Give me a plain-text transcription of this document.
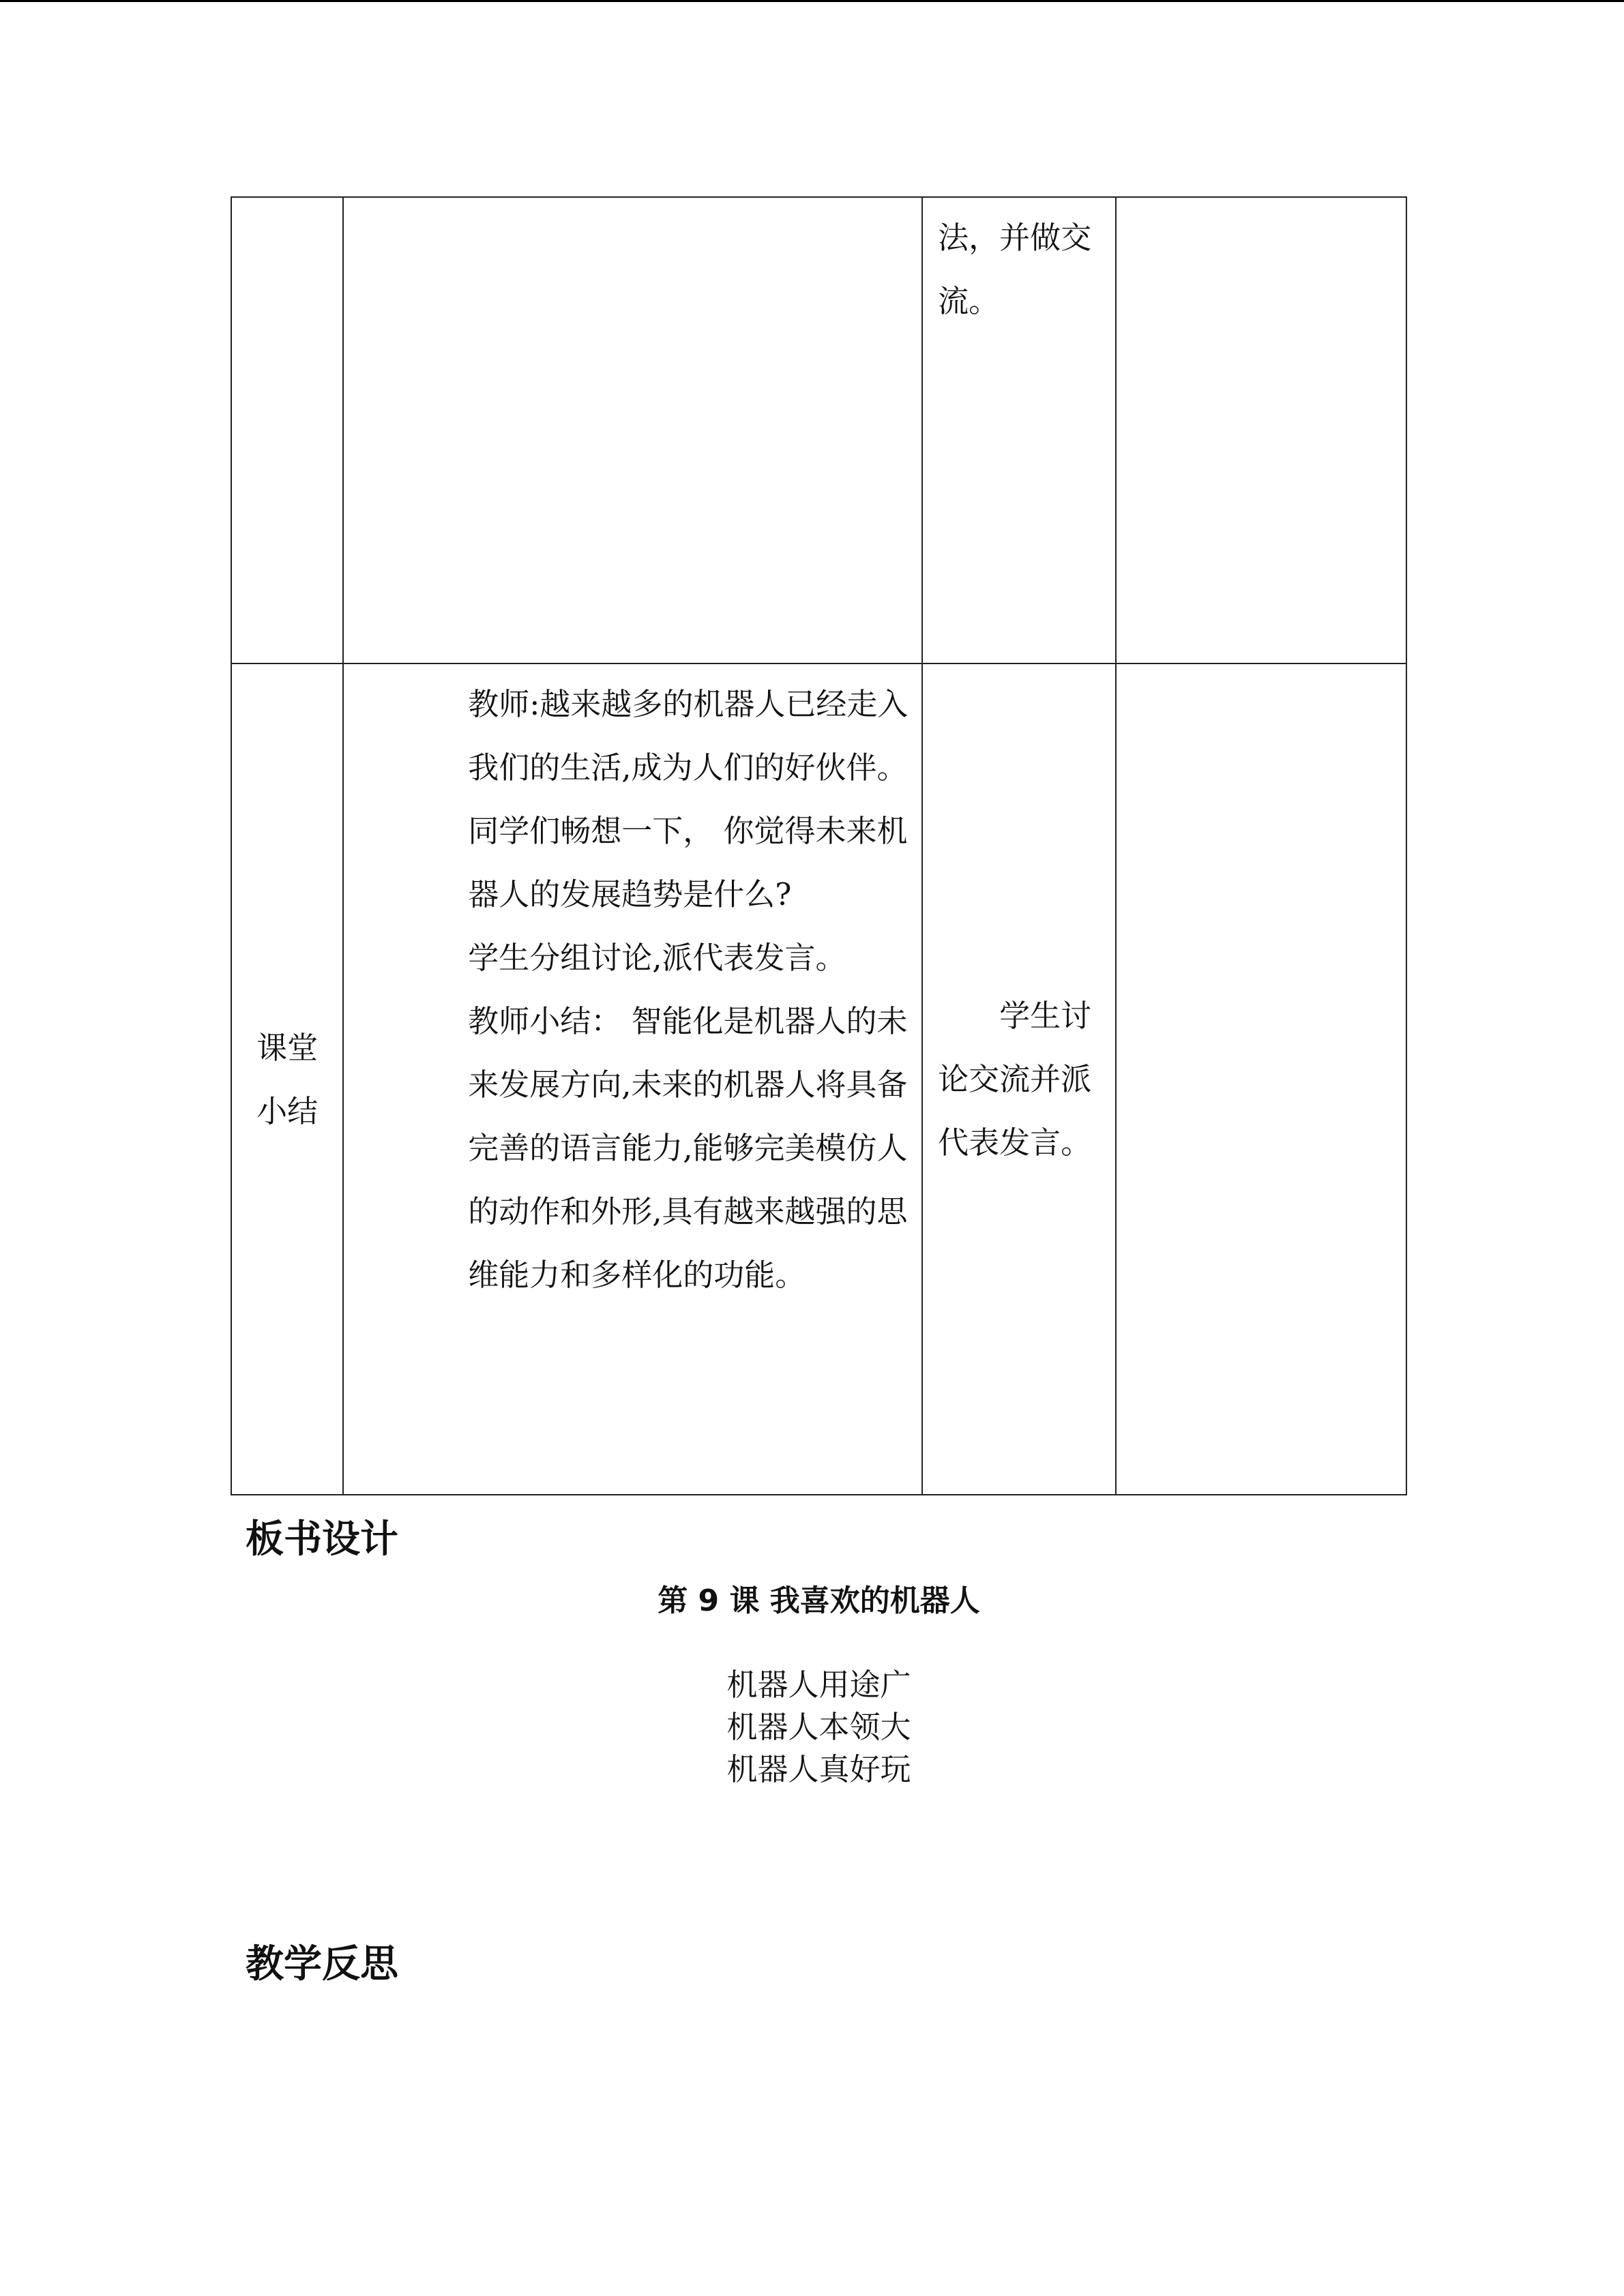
		法，并做交流。	

课堂小结	教师:越来越多的机器人已经走入我们的生活,成为人们的好伙伴。同学们畅想一下， 你觉得未来机器人的发展趋势是什么?

学生分组讨论,派代表发言。

教师小结： 智能化是机器人的未来发展方向,未来的机器人将具备完善的语言能力,能够完美模仿人的动作和外形,具有越来越强的思维能力和多样化的功能。	学生讨论交流并派代表发言。	

板书设计
第 9 课 我喜欢的机器人
机器人用途广
机器人本领大
机器人真好玩
教学反思
